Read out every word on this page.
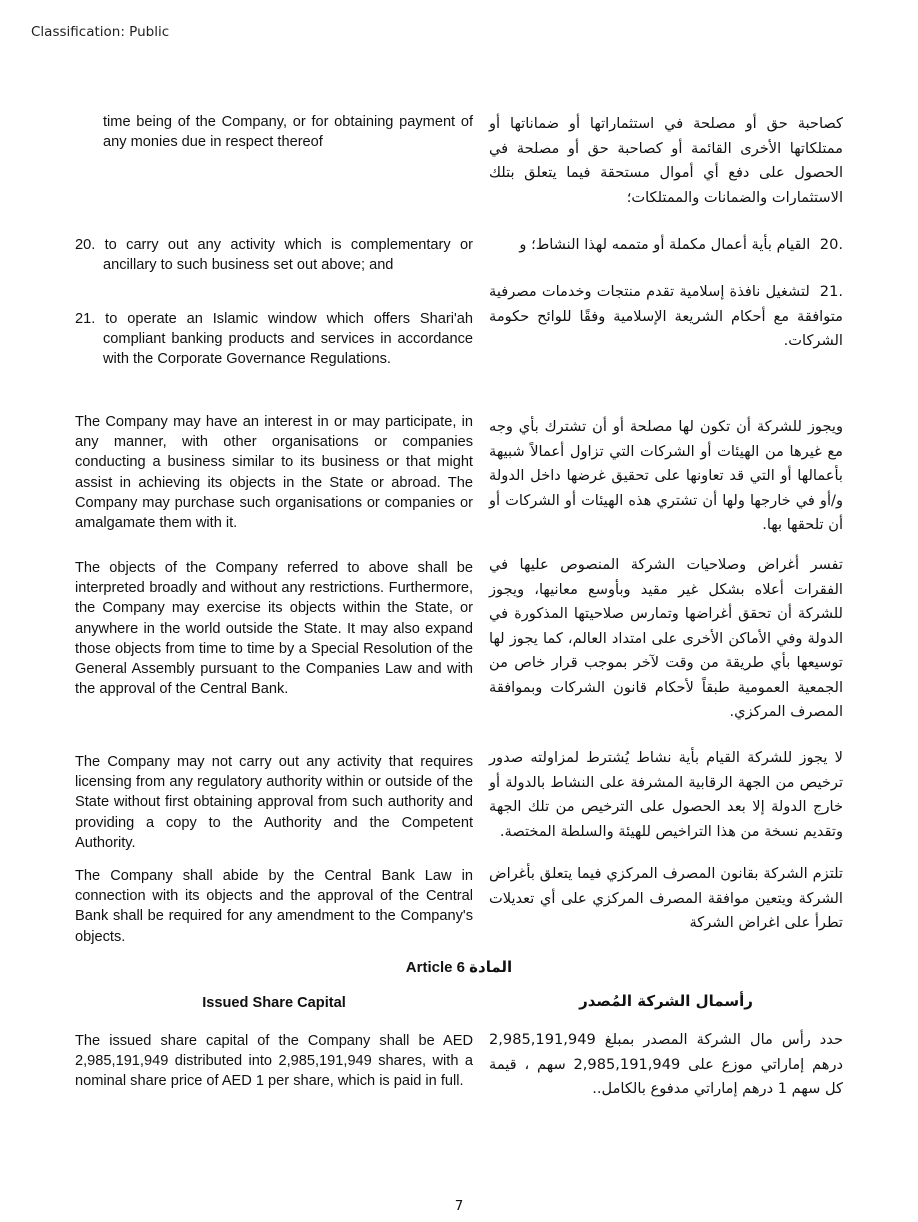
Classification: Public
time being of the Company, or for obtaining payment of any monies due in respect thereof
كصاحبة حق أو مصلحة في استثماراتها أو ضماناتها أو ممتلكاتها الأخرى القائمة أو كصاحبة حق أو مصلحة في الحصول على دفع أي أموال مستحقة فيما يتعلق بتلك الاستثمارات والضمانات والممتلكات؛
20. to carry out any activity which is complementary or ancillary to such business set out above; and
.20 القيام بأية أعمال مكملة أو متممه لهذا النشاط؛ و
21. to operate an Islamic window which offers Shari'ah compliant banking products and services in accordance with the Corporate Governance Regulations.
.21 لتشغيل نافذة إسلامية تقدم منتجات وخدمات مصرفية متوافقة مع أحكام الشريعة الإسلامية وفقًا للوائح حكومة الشركات.
The Company may have an interest in or may participate, in any manner, with other organisations or companies conducting a business similar to its business or that might assist in achieving its objects in the State or abroad. The Company may purchase such organisations or companies or amalgamate them with it.
ويجوز للشركة أن تكون لها مصلحة أو أن تشترك بأي وجه مع غيرها من الهيئات أو الشركات التي تزاول أعمالاً شبيهة بأعمالها أو التي قد تعاونها على تحقيق غرضها داخل الدولة و/أو في خارجها ولها أن تشتري هذه الهيئات أو الشركات أو أن تلحقها بها.
The objects of the Company referred to above shall be interpreted broadly and without any restrictions. Furthermore, the Company may exercise its objects within the State, or anywhere in the world outside the State. It may also expand those objects from time to time by a Special Resolution of the General Assembly pursuant to the Companies Law and with the approval of the Central Bank.
تفسر أغراض وصلاحيات الشركة المنصوص عليها في الفقرات أعلاه بشكل غير مقيد وبأوسع معانيها، ويجوز للشركة أن تحقق أغراضها وتمارس صلاحيتها المذكورة في الدولة وفي الأماكن الأخرى على امتداد العالم، كما يجوز لها توسيعها بأي طريقة من وقت لآخر بموجب قرار خاص من الجمعية العمومية طبقاً لأحكام قانون الشركات وبموافقة المصرف المركزي.
The Company may not carry out any activity that requires licensing from any regulatory authority within or outside of the State without first obtaining approval from such authority and providing a copy to the Authority and the Competent Authority.
لا يجوز للشركة القيام بأية نشاط يُشترط لمزاولته صدور ترخيص من الجهة الرقابية المشرفة على النشاط بالدولة أو خارج الدولة إلا بعد الحصول على الترخيص من تلك الجهة وتقديم نسخة من هذا التراخيص للهيئة والسلطة المختصة.
The Company shall abide by the Central Bank Law in connection with its objects and the approval of the Central Bank shall be required for any amendment to the Company's objects.
تلتزم الشركة بقانون المصرف المركزي فيما يتعلق بأغراض الشركة ويتعين موافقة المصرف المركزي على أي تعديلات تطرأ على اغراض الشركة
Article 6 المادة
Issued Share Capital	رأسمال الشركة المُصدر
The issued share capital of the Company shall be AED 2,985,191,949 distributed into 2,985,191,949 shares, with a nominal share price of AED 1 per share, which is paid in full.
حدد رأس مال الشركة المصدر بمبلغ 2,985,191,949 درهم إماراتي موزع على 2,985,191,949 سهم ، قيمة كل سهم 1 درهم إماراتي مدفوع بالكامل..
7
